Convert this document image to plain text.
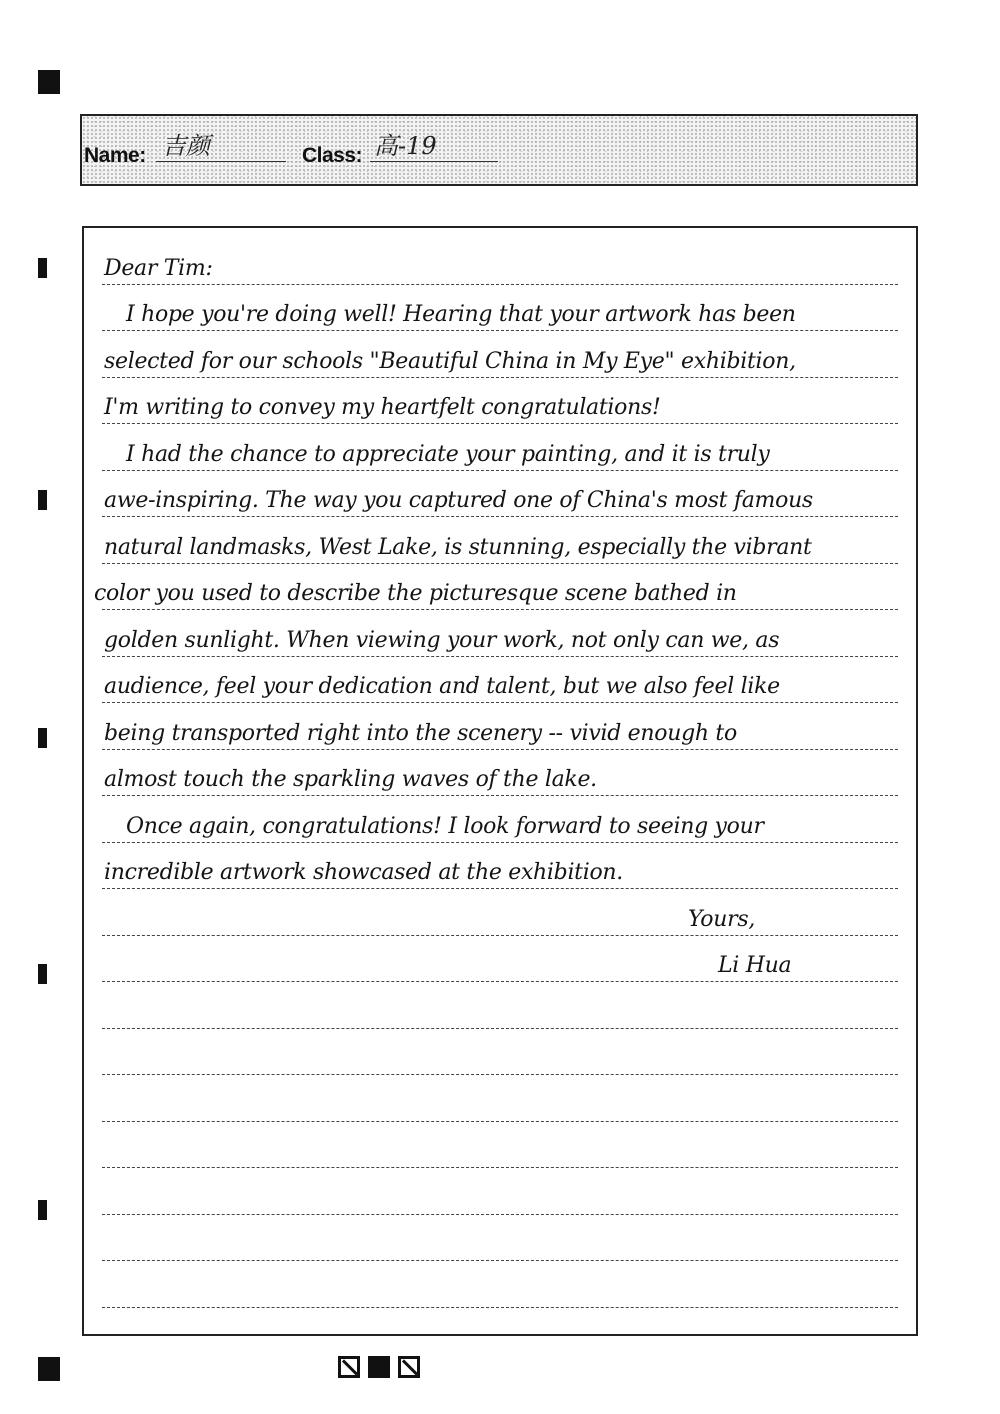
Name: 吉颜	Class: 高-19
Dear Tim:
I hope you're doing well! Hearing that your artwork has been
selected for our schools "Beautiful China in My Eye" exhibition,
I'm writing to convey my heartfelt congratulations!
I had the chance to appreciate your painting, and it is truly
awe-inspiring. The way you captured one of China's most famous
natural landmasks, West Lake, is stunning, especially the vibrant
color you used to describe the picturesque scene bathed in
golden sunlight. When viewing your work, not only can we, as
audience, feel your dedication and talent, but we also feel like
being transported right into the scenery -- vivid enough to
almost touch the sparkling waves of the lake.
Once again, congratulations! I look forward to seeing your
incredible artwork showcased at the exhibition.
Yours,
Li Hua
